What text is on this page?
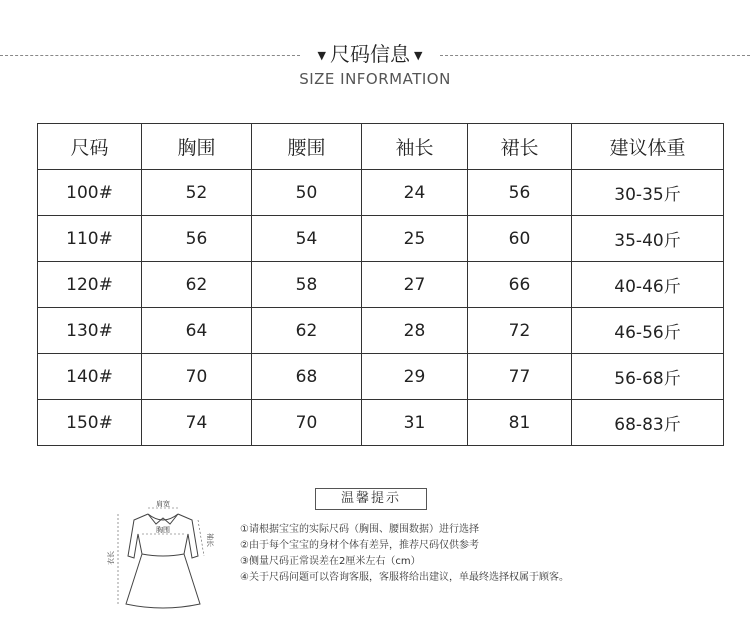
▼ 尺码信息 ▼
SIZE INFORMATION
尺码	胸围	腰围	袖长	裙长	建议体重
100#	52	50	24	56	30-35斤
110#	56	54	25	60	35-40斤
120#	62	58	27	66	40-46斤
130#	64	62	28	72	46-56斤
140#	70	68	29	77	56-68斤
150#	74	70	31	81	68-83斤
肩宽
胸围
袖长
衣长
温馨提示
①请根据宝宝的实际尺码（胸围、腰围数据）进行选择
②由于每个宝宝的身材个体有差异，推荐尺码仅供参考
③侧量尺码正常误差在2厘米左右（cm）
④关于尺码问题可以咨询客服，客服将给出建议，单最终选择权属于顾客。
